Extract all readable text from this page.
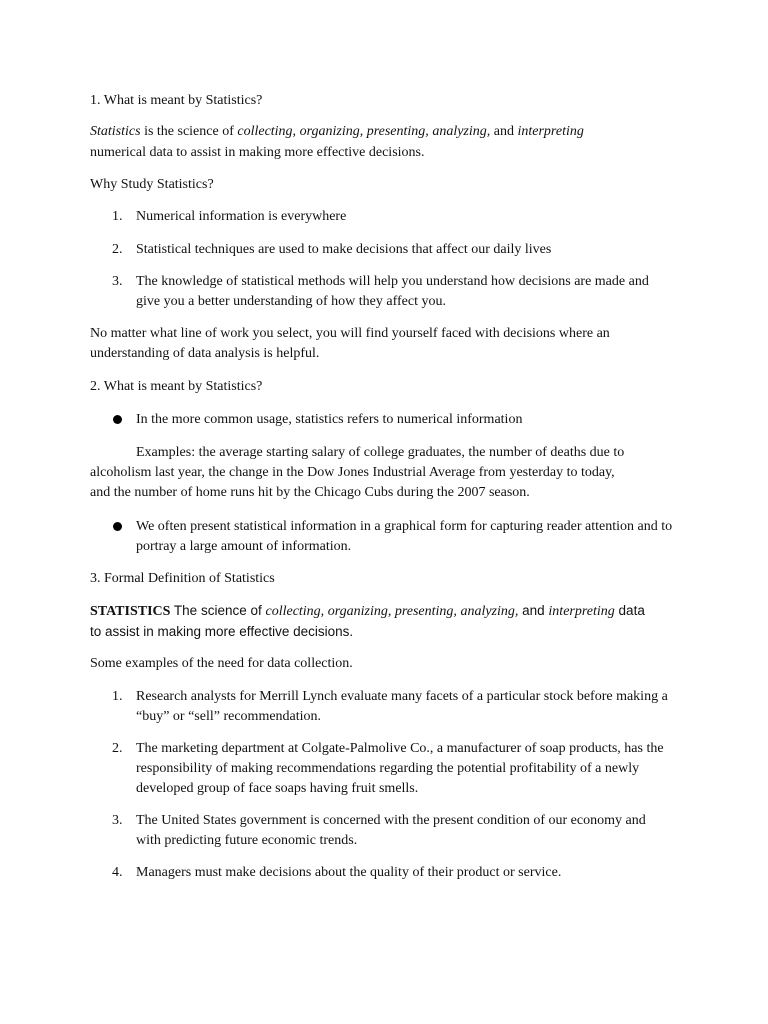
1. What is meant by Statistics?
Statistics is the science of collecting, organizing, presenting, analyzing, and interpreting
numerical data to assist in making more effective decisions.
Why Study Statistics?
1. Numerical information is everywhere
2. Statistical techniques are used to make decisions that affect our daily lives
3. The knowledge of statistical methods will help you understand how decisions are made and give you a better understanding of how they affect you.
No matter what line of work you select, you will find yourself faced with decisions where an understanding of data analysis is helpful.
2. What is meant by Statistics?
In the more common usage, statistics refers to numerical information
Examples: the average starting salary of college graduates, the number of deaths due to
alcoholism last year, the change in the Dow Jones Industrial Average from yesterday to today,
and the number of home runs hit by the Chicago Cubs during the 2007 season.
We often present statistical information in a graphical form for capturing reader attention and to portray a large amount of information.
3. Formal Definition of Statistics
STATISTICS The science of collecting, organizing, presenting, analyzing, and interpreting data
to assist in making more effective decisions.
Some examples of the need for data collection.
1. Research analysts for Merrill Lynch evaluate many facets of a particular stock before making a “buy” or “sell” recommendation.
2. The marketing department at Colgate-Palmolive Co., a manufacturer of soap products, has the responsibility of making recommendations regarding the potential profitability of a newly developed group of face soaps having fruit smells.
3. The United States government is concerned with the present condition of our economy and with predicting future economic trends.
4. Managers must make decisions about the quality of their product or service.
